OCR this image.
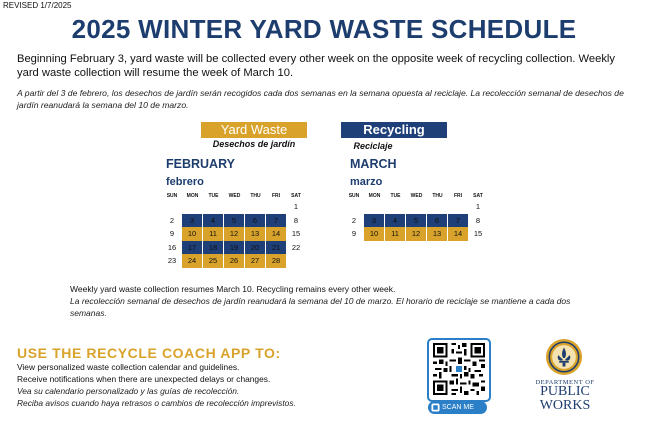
REVISED 1/7/2025
2025 WINTER YARD WASTE SCHEDULE
Beginning February 3, yard waste will be collected every other week on the opposite week of recycling collection. Weekly yard waste collection will resume the week of March 10.
A partir del 3 de febrero, los desechos de jardín serán recogidos cada dos semanas en la semana opuesta al reciclaje. La recolección semanal de desechos de jardín reanudará la semana del 10 de marzo.
Yard Waste
Desechos de jardín
Recycling
Reciclaje
FEBRUARY
febrero
SUN	MON	TUE	WED	THU	FRI	SAT
						1
2	3	4	5	6	7	8
9	10	11	12	13	14	15
16	17	18	19	20	21	22
23	24	25	26	27	28	
MARCH
marzo
SUN	MON	TUE	WED	THU	FRI	SAT
						1
2	3	4	5	6	7	8
9	10	11	12	13	14	15
Weekly yard waste collection resumes March 10. Recycling remains every other week.
La recolección semanal de desechos de jardín reanudará la semana del 10 de marzo. El horario de reciclaje se mantiene a cada dos semanas.
USE THE RECYCLE COACH APP TO:
View personalized waste collection calendar and guidelines.
Receive notifications when there are unexpected delays or changes.
Vea su calendario personalizado y las guías de recolección.
Reciba avisos cuando haya retrasos o cambios de recolección imprevistos.	SCAN ME
DEPARTMENT OF
PUBLIC
WORKS
